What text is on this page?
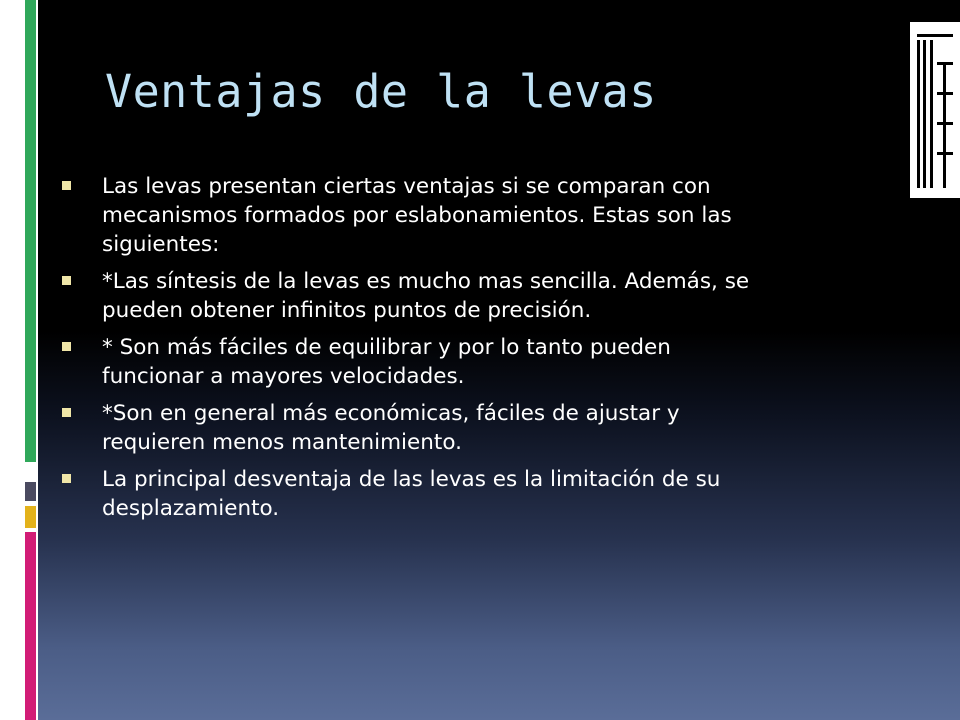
Ventajas de la levas
Las levas presentan ciertas ventajas si se comparan con mecanismos formados por eslabonamientos. Estas son las siguientes:
*Las síntesis de la levas es mucho mas sencilla. Además, se pueden obtener infinitos puntos de precisión.
* Son más fáciles de equilibrar y por lo tanto pueden funcionar a mayores velocidades.
*Son en general más económicas, fáciles de ajustar y requieren menos mantenimiento.
La principal desventaja de las levas es la limitación de su desplazamiento.
